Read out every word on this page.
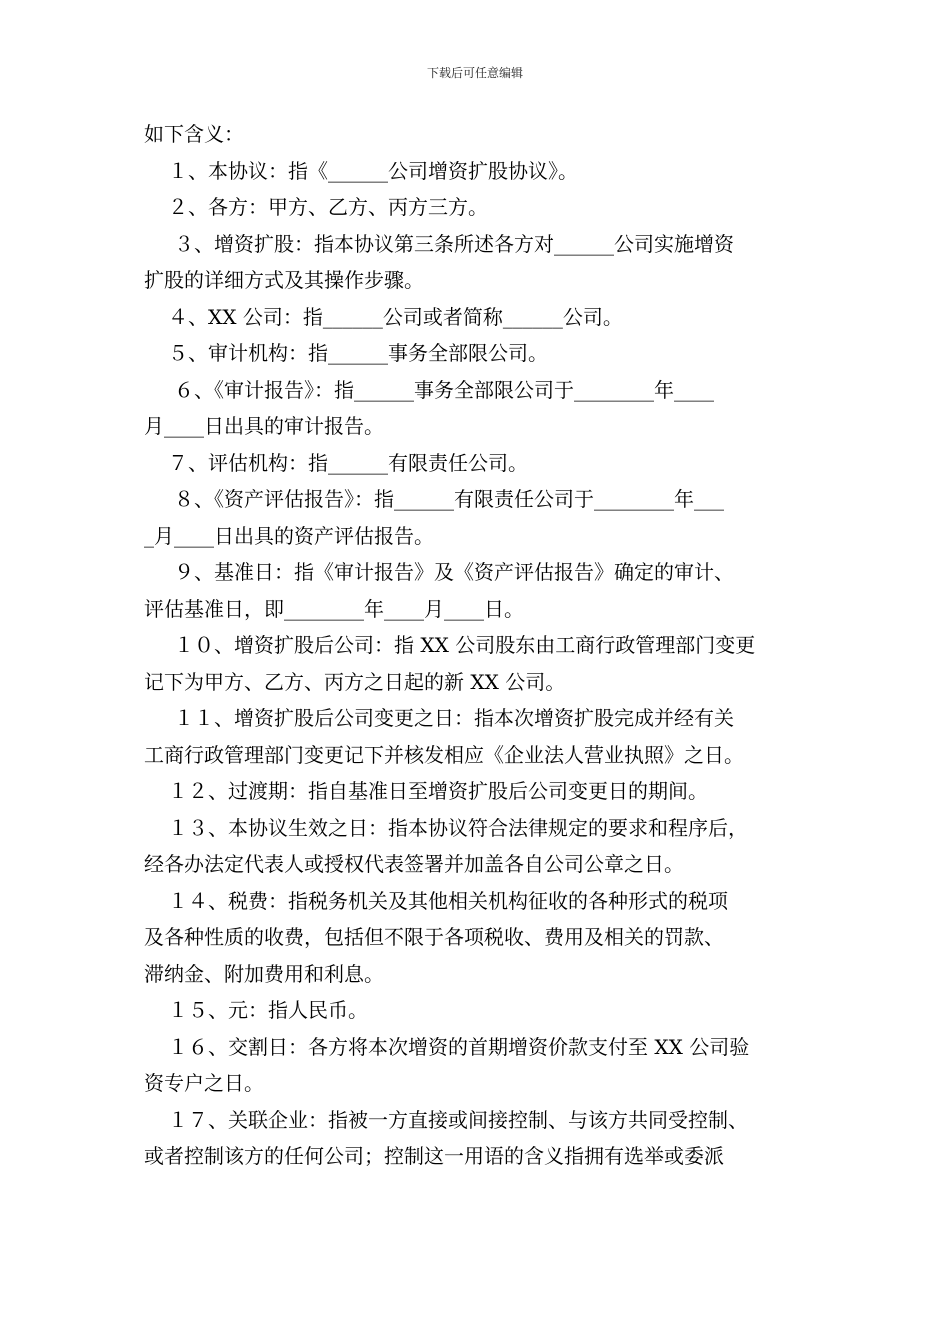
下载后可任意编辑
如下含义：
１、本协议：指《______公司增资扩股协议》。
２、各方：甲方、乙方、丙方三方。
３、增资扩股：指本协议第三条所述各方对______公司实施增资
扩股的详细方式及其操作步骤。
４、XX 公司：指______公司或者简称______公司。
５、审计机构：指______事务全部限公司。
６、《审计报告》：指______事务全部限公司于________年____
月____日出具的审计报告。
７、评估机构：指______有限责任公司。
８、《资产评估报告》：指______有限责任公司于________年___
_月____日出具的资产评估报告。
９、基准日：指《审计报告》及《资产评估报告》确定的审计、
评估基准日，即________年____月____日。
１０、增资扩股后公司：指 XX 公司股东由工商行政管理部门变更
记下为甲方、乙方、丙方之日起的新 XX 公司。
１１、增资扩股后公司变更之日：指本次增资扩股完成并经有关
工商行政管理部门变更记下并核发相应《企业法人营业执照》之日。
１２、过渡期：指自基准日至增资扩股后公司变更日的期间。
１３、本协议生效之日：指本协议符合法律规定的要求和程序后，
经各办法定代表人或授权代表签署并加盖各自公司公章之日。
１４、税费：指税务机关及其他相关机构征收的各种形式的税项
及各种性质的收费，包括但不限于各项税收、费用及相关的罚款、
滞纳金、附加费用和利息。
１５、元：指人民币。
１６、交割日：各方将本次增资的首期增资价款支付至 XX 公司验
资专户之日。
１７、关联企业：指被一方直接或间接控制、与该方共同受控制、
或者控制该方的任何公司；控制这一用语的含义指拥有选举或委派
